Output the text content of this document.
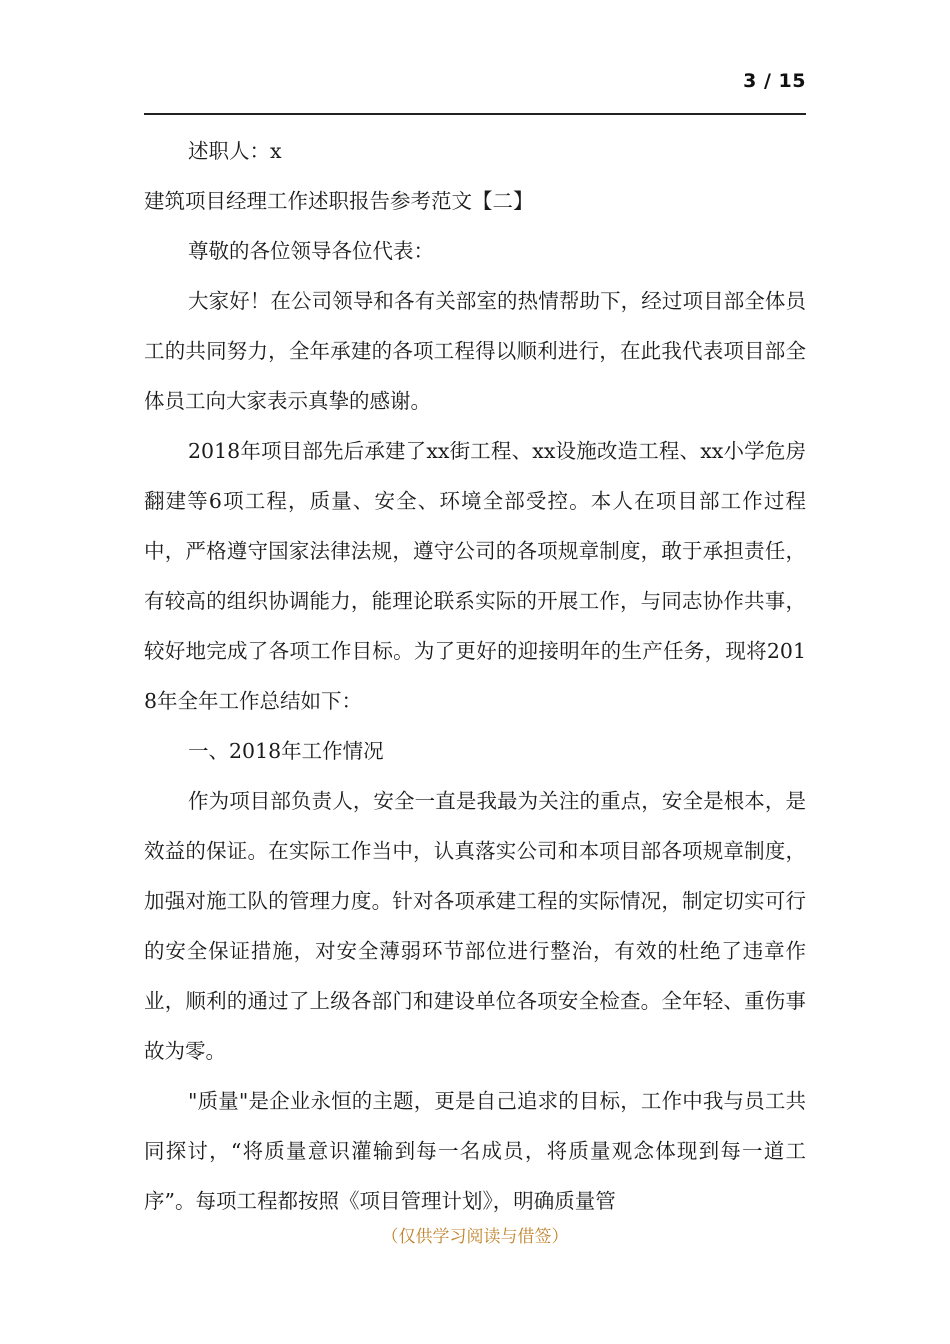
3 / 15

述职人：x

建筑项目经理工作述职报告参考范文【二】

尊敬的各位领导各位代表：

大家好！在公司领导和各有关部室的热情帮助下，经过项目部全体员工的共同努力，全年承建的各项工程得以顺利进行，在此我代表项目部全体员工向大家表示真挚的感谢。

2018年项目部先后承建了xx街工程、xx设施改造工程、xx小学危房翻建等6项工程，质量、安全、环境全部受控。本人在项目部工作过程中，严格遵守国家法律法规，遵守公司的各项规章制度，敢于承担责任，有较高的组织协调能力，能理论联系实际的开展工作，与同志协作共事，较好地完成了各项工作目标。为了更好的迎接明年的生产任务，现将2018年全年工作总结如下：

一、2018年工作情况

作为项目部负责人，安全一直是我最为关注的重点，安全是根本，是效益的保证。在实际工作当中，认真落实公司和本项目部各项规章制度，加强对施工队的管理力度。针对各项承建工程的实际情况，制定切实可行的安全保证措施，对安全薄弱环节部位进行整治，有效的杜绝了违章作业，顺利的通过了上级各部门和建设单位各项安全检查。全年轻、重伤事故为零。

"质量"是企业永恒的主题，更是自己追求的目标，工作中我与员工共同探讨，“将质量意识灌输到每一名成员，将质量观念体现到每一道工序”。每项工程都按照《项目管理计划》，明确质量管

（仅供学习阅读与借签）
